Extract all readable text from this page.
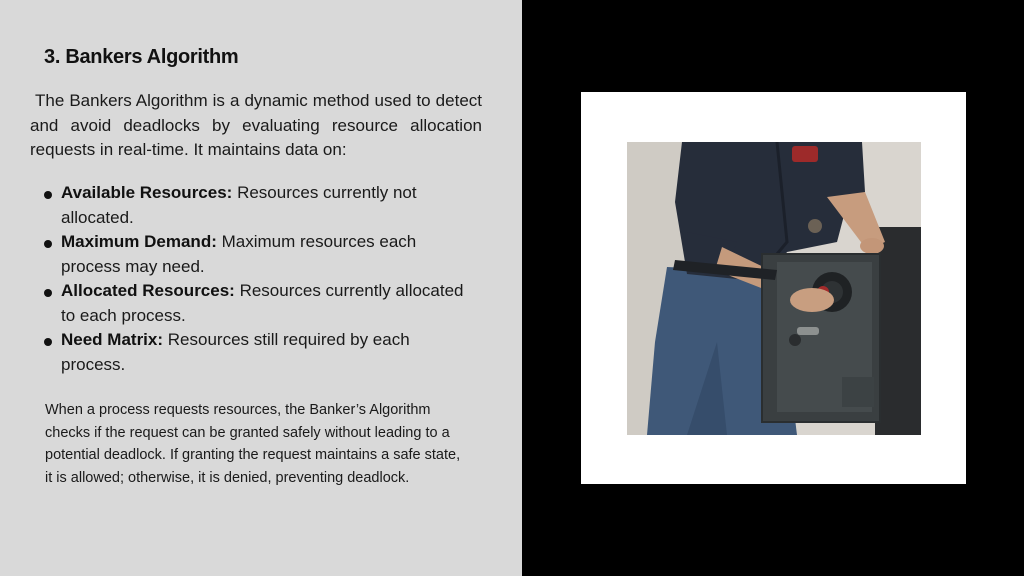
3. Bankers Algorithm

The Bankers Algorithm is a dynamic method used to detect and avoid deadlocks by evaluating resource allocation requests in real-time. It maintains data on:

Available Resources: Resources currently not allocated.
Maximum Demand: Maximum resources each process may need.
Allocated Resources: Resources currently allocated to each process.
Need Matrix: Resources still required by each process.

When a process requests resources, the Banker’s Algorithm checks if the request can be granted safely without leading to a potential deadlock. If granting the request maintains a safe state, it is allowed; otherwise, it is denied, preventing deadlock.
